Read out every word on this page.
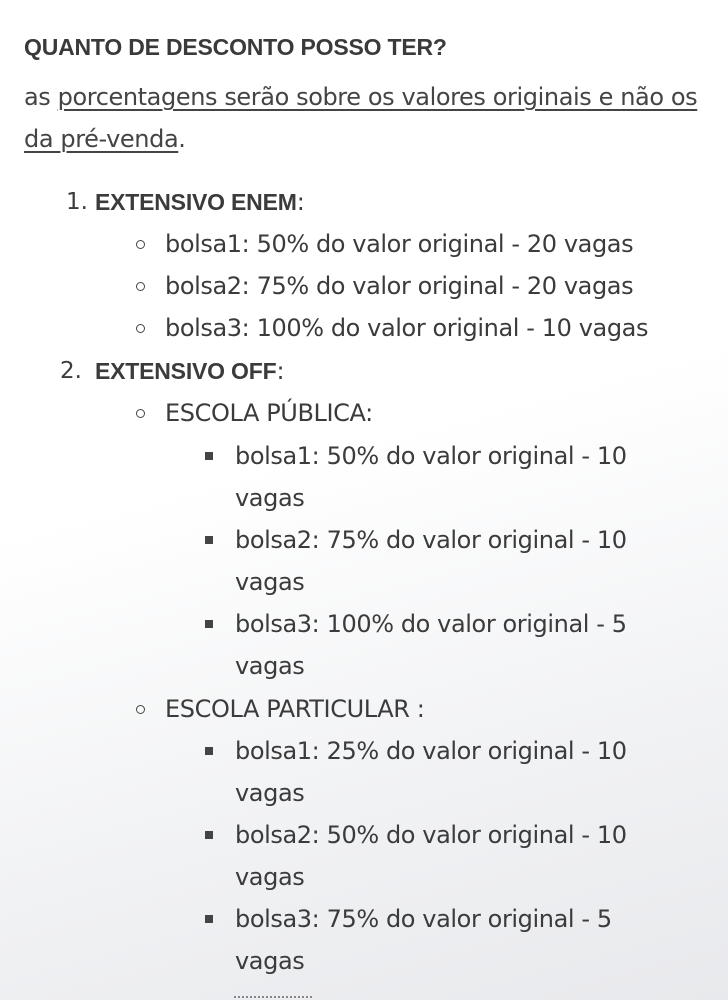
QUANTO DE DESCONTO POSSO TER?
as porcentagens serão sobre os valores originais e não os da pré-venda.
1. EXTENSIVO ENEM:
bolsa1: 50% do valor original - 20 vagas
bolsa2: 75% do valor original - 20 vagas
bolsa3: 100% do valor original - 10 vagas
2. EXTENSIVO OFF:
ESCOLA PÚBLICA:
bolsa1: 50% do valor original - 10
vagas
bolsa2: 75% do valor original - 10
vagas
bolsa3: 100% do valor original - 5
vagas
ESCOLA PARTICULAR :
bolsa1: 25% do valor original - 10
vagas
bolsa2: 50% do valor original - 10
vagas
bolsa3: 75% do valor original - 5
vagas
